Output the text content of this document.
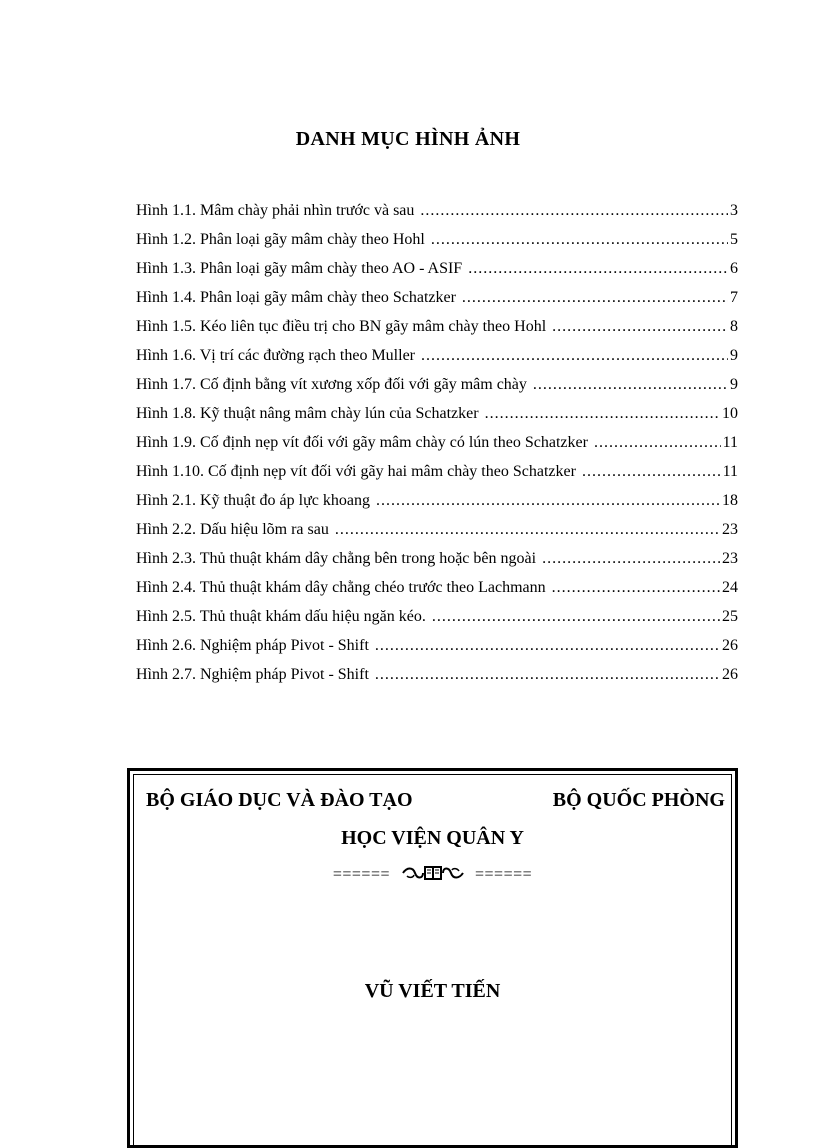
DANH MỤC HÌNH ẢNH
Hình 1.1. Mâm chày phải nhìn trước và sau .....	3
Hình 1.2. Phân loại gãy mâm chày theo Hohl .....	5
Hình 1.3. Phân loại gãy mâm chày theo AO - ASIF .....	6
Hình 1.4. Phân loại gãy mâm chày theo Schatzker .....	7
Hình 1.5. Kéo liên tục điều trị cho BN gãy mâm chày theo Hohl .....	8
Hình 1.6. Vị trí các đường rạch theo Muller .....	9
Hình 1.7. Cố định bằng vít xương xốp đối với gãy mâm chày .....	9
Hình 1.8. Kỹ thuật nâng mâm chày lún của Schatzker .....	10
Hình 1.9. Cố định nẹp vít đối với gãy mâm chày có lún theo Schatzker .....	11
Hình 1.10. Cố định nẹp vít đối với gãy hai mâm chày theo Schatzker .....	11
Hình 2.1. Kỹ thuật đo áp lực khoang .....	18
Hình 2.2. Dấu hiệu lõm ra sau .....	23
Hình 2.3. Thủ thuật khám dây chằng bên trong hoặc bên ngoài .....	23
Hình 2.4. Thủ thuật khám dây chằng chéo trước theo Lachmann .....	24
Hình 2.5. Thủ thuật khám dấu hiệu ngăn kéo. .....	25
Hình 2.6. Nghiệm pháp Pivot - Shift .....	26
Hình 2.7. Nghiệm pháp Pivot - Shift .....	26
BỘ GIÁO DỤC VÀ ĐÀO TẠO	BỘ QUỐC PHÒNG
HỌC VIỆN QUÂN Y
======	======
VŨ VIẾT TIẾN
